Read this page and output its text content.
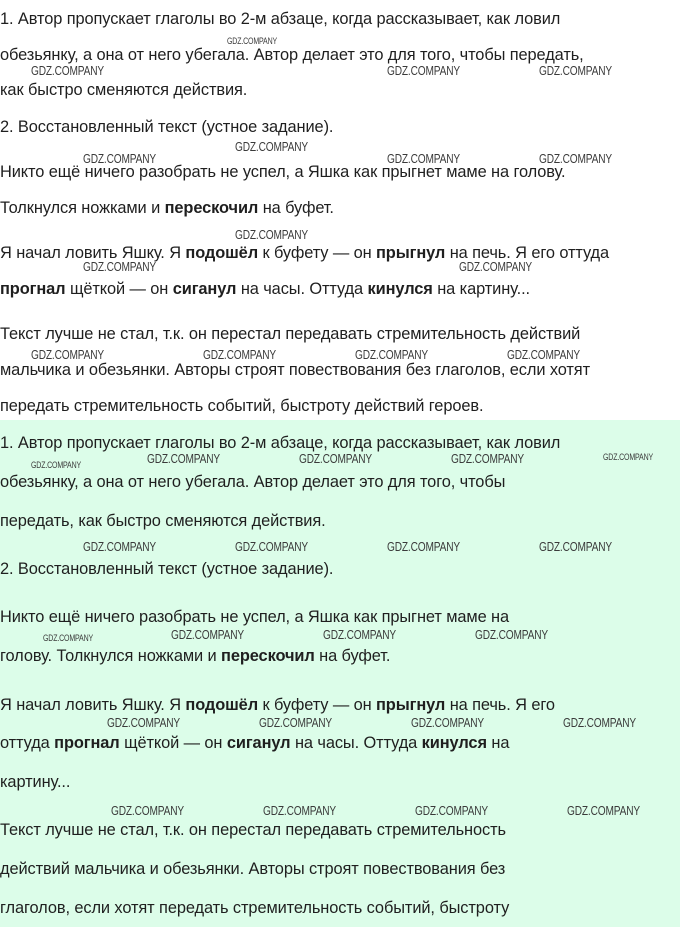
1. Автор пропускает глаголы во 2-м абзаце, когда рассказывает, как ловил
обезьянку, а она от него убегала. Автор делает это для того, чтобы передать,
как быстро сменяются действия.
2. Восстановленный текст (устное задание).
Никто ещё ничего разобрать не успел, а Яшка как прыгнет маме на голову.
Толкнулся ножками и перескочил на буфет.
Я начал ловить Яшку. Я подошёл к буфету — он прыгнул на печь. Я его оттуда
прогнал щёткой — он сиганул на часы. Оттуда кинулся на картину...
Текст лучше не стал, т.к. он перестал передавать стремительность действий
мальчика и обезьянки. Авторы строят повествования без глаголов, если хотят
передать стремительность событий, быстроту действий героев.
1. Автор пропускает глаголы во 2-м абзаце, когда рассказывает, как ловил
обезьянку, а она от него убегала. Автор делает это для того, чтобы
передать, как быстро сменяются действия.
2. Восстановленный текст (устное задание).
Никто ещё ничего разобрать не успел, а Яшка как прыгнет маме на
голову. Толкнулся ножками и перескочил на буфет.
Я начал ловить Яшку. Я подошёл к буфету — он прыгнул на печь. Я его
оттуда прогнал щёткой — он сиганул на часы. Оттуда кинулся на
картину...
Текст лучше не стал, т.к. он перестал передавать стремительность
действий мальчика и обезьянки. Авторы строят повествования без
глаголов, если хотят передать стремительность событий, быстроту
GDZ.COMPANY
GDZ.COMPANY	GDZ.COMPANY	GDZ.COMPANY
GDZ.COMPANY
GDZ.COMPANY	GDZ.COMPANY	GDZ.COMPANY
GDZ.COMPANY
GDZ.COMPANY	GDZ.COMPANY
GDZ.COMPANY	GDZ.COMPANY	GDZ.COMPANY	GDZ.COMPANY
GDZ.COMPANY	GDZ.COMPANY	GDZ.COMPANY	GDZ.COMPANY
GDZ.COMPANY
GDZ.COMPANY	GDZ.COMPANY	GDZ.COMPANY	GDZ.COMPANY
GDZ.COMPANY	GDZ.COMPANY	GDZ.COMPANY
GDZ.COMPANY
GDZ.COMPANY	GDZ.COMPANY	GDZ.COMPANY	GDZ.COMPANY
GDZ.COMPANY	GDZ.COMPANY	GDZ.COMPANY	GDZ.COMPANY
